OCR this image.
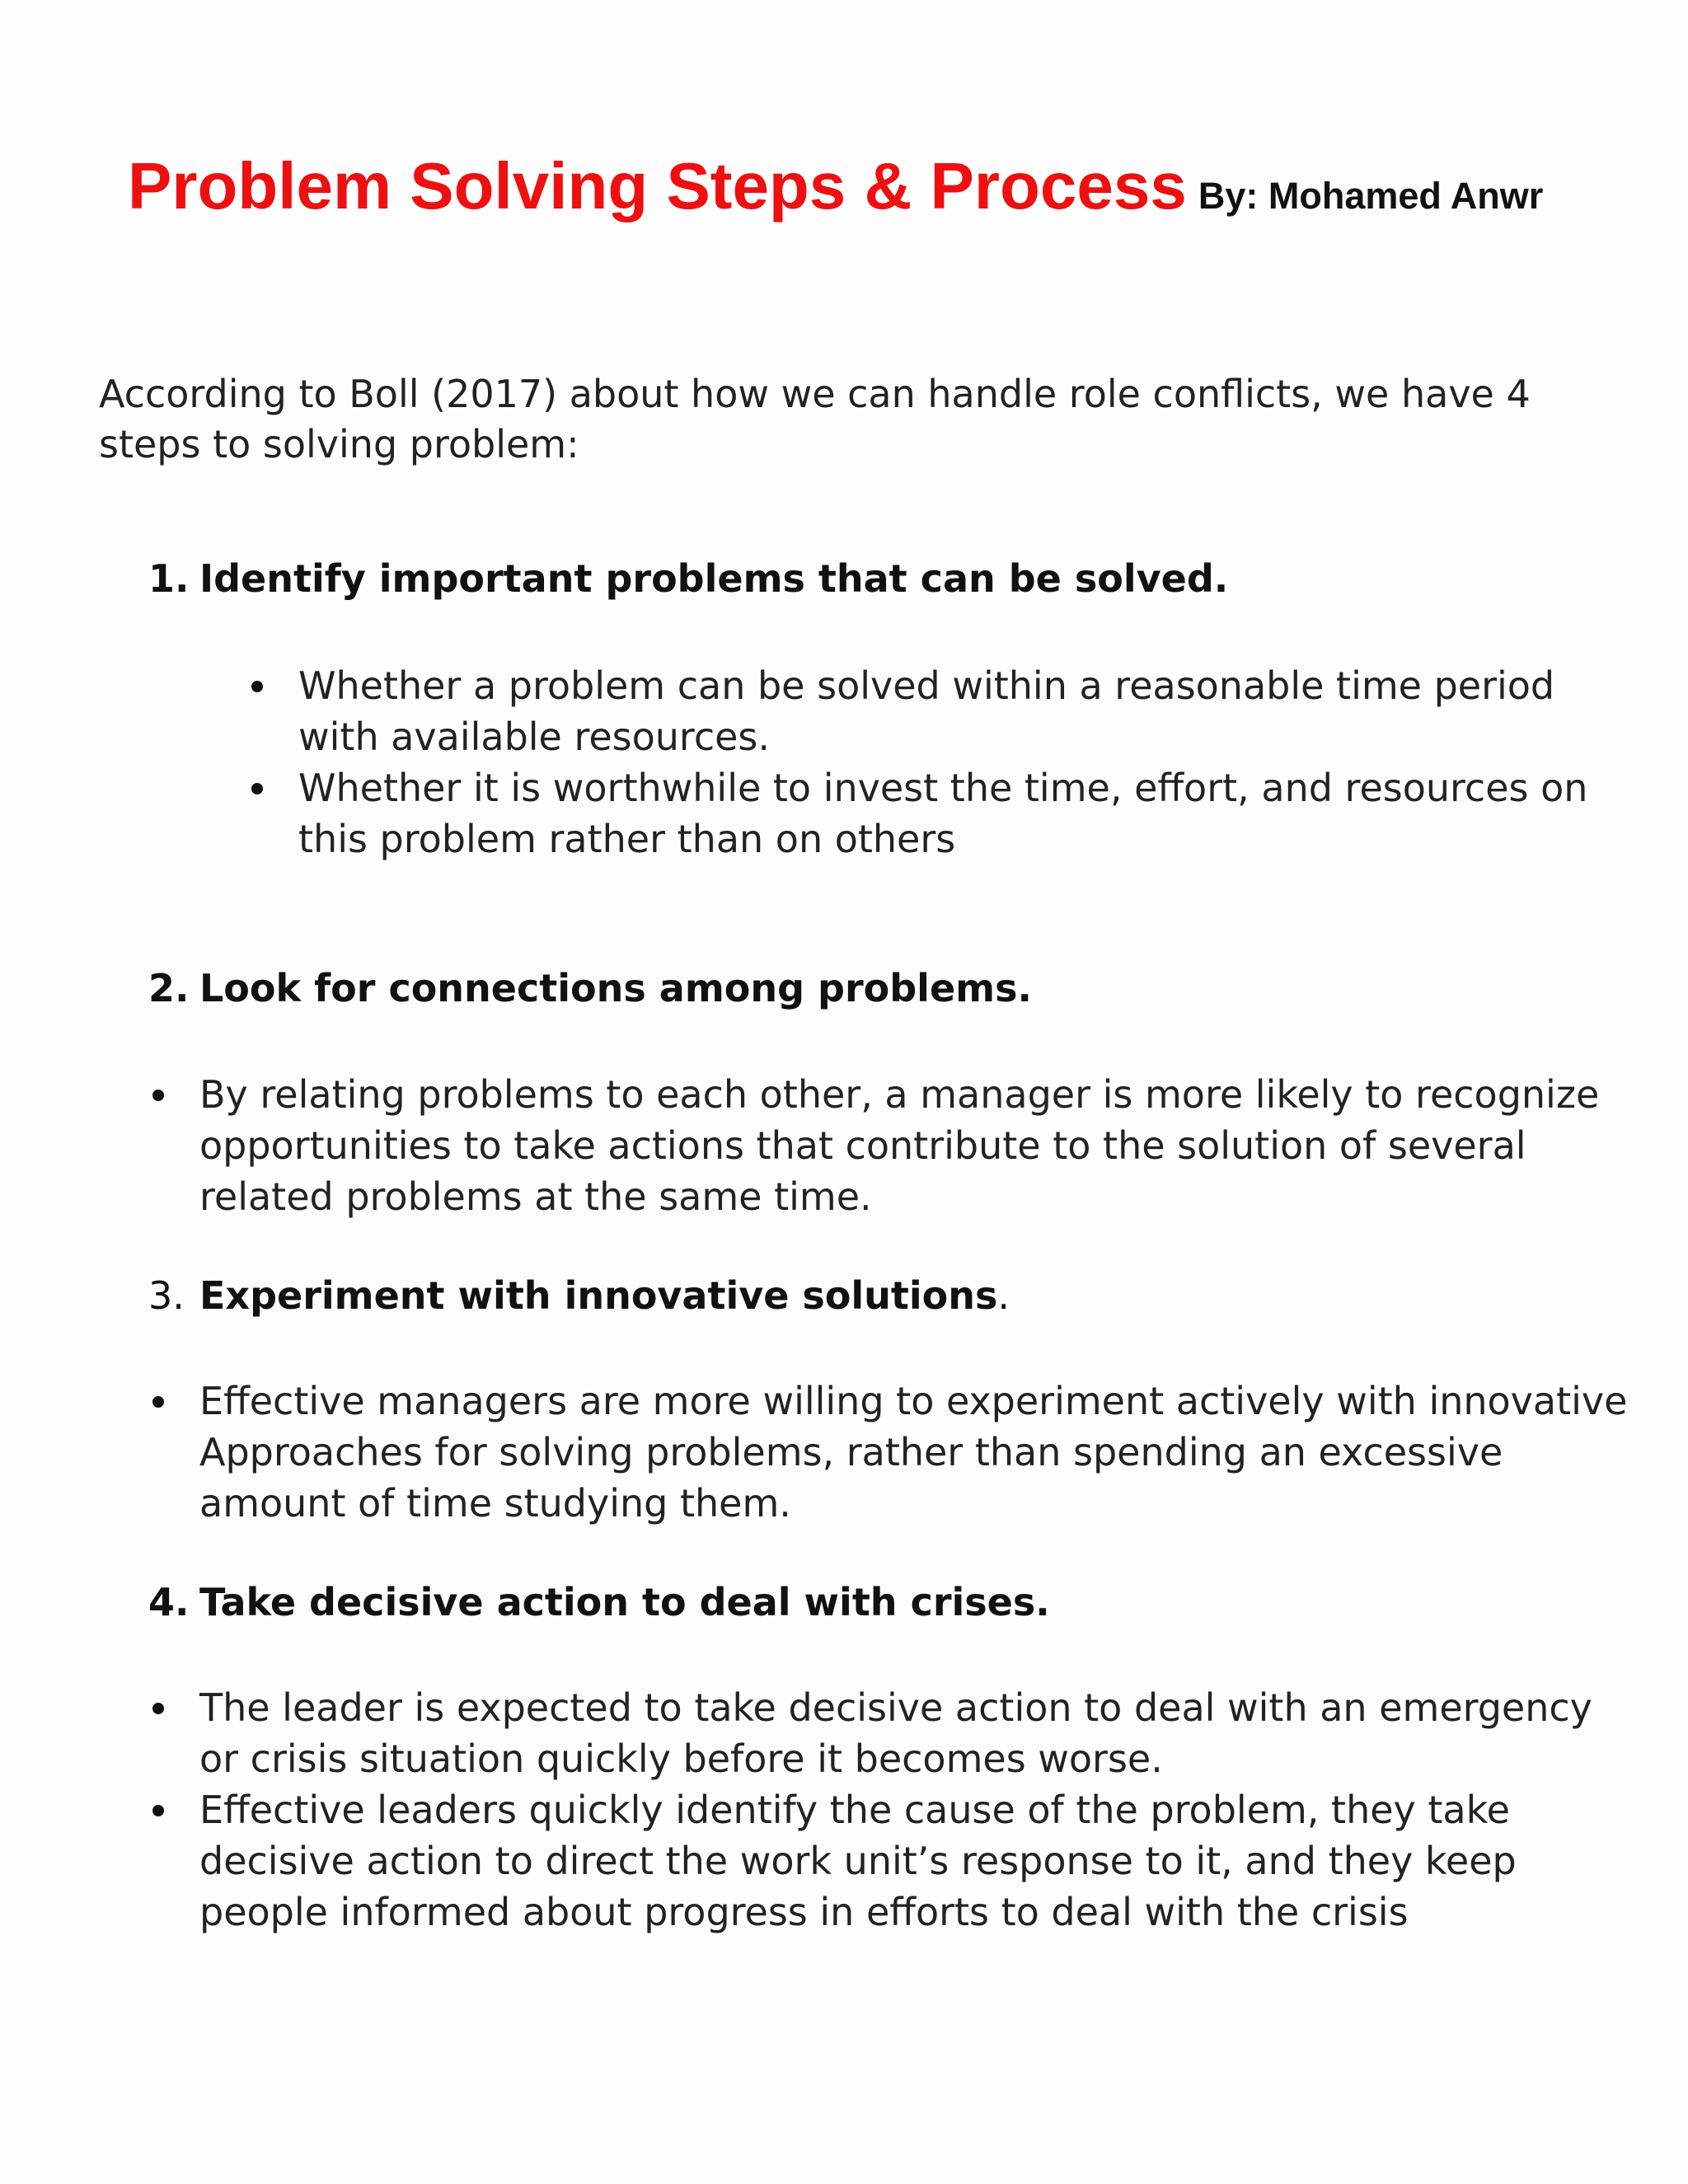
Problem Solving Steps & Process By: Mohamed Anwr
According to Boll (2017) about how we can handle role conflicts, we have 4 steps to solving problem:
1. Identify important problems that can be solved.
Whether a problem can be solved within a reasonable time period with available resources.
Whether it is worthwhile to invest the time, effort, and resources on this problem rather than on others
2. Look for connections among problems.
By relating problems to each other, a manager is more likely to recognize opportunities to take actions that contribute to the solution of several related problems at the same time.
3. Experiment with innovative solutions.
Effective managers are more willing to experiment actively with innovative Approaches for solving problems, rather than spending an excessive amount of time studying them.
4. Take decisive action to deal with crises.
The leader is expected to take decisive action to deal with an emergency or crisis situation quickly before it becomes worse.
Effective leaders quickly identify the cause of the problem, they take decisive action to direct the work unit’s response to it, and they keep people informed about progress in efforts to deal with the crisis
